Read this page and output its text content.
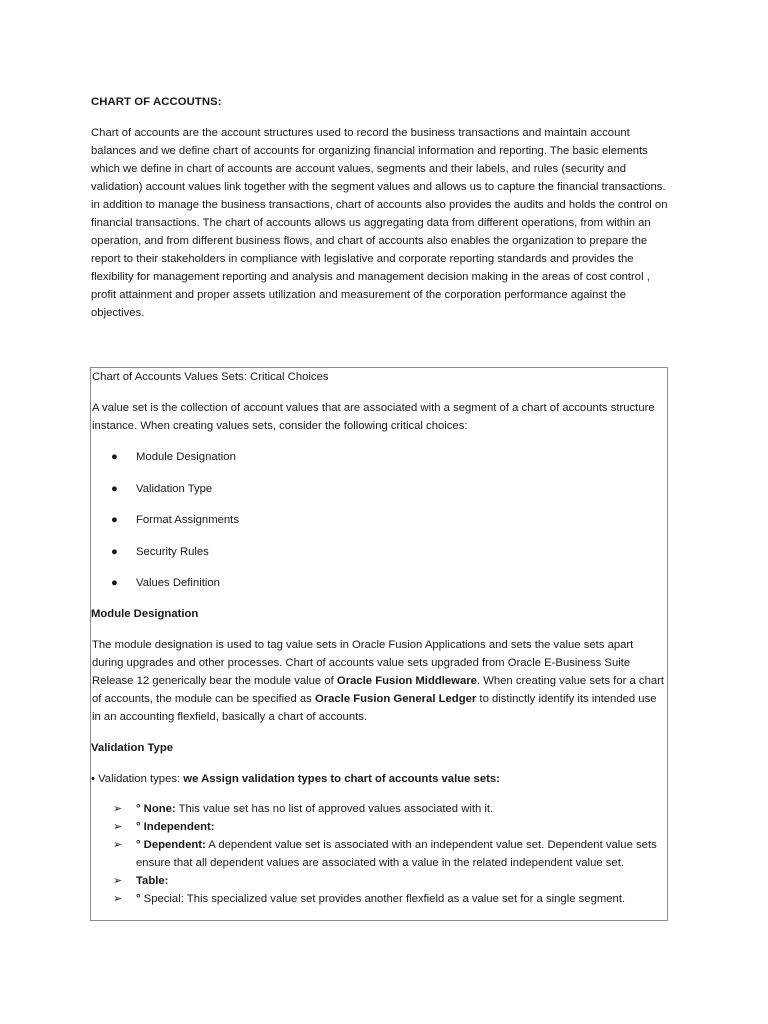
CHART OF ACCOUTNS:

Chart of accounts are the account structures used to record the business transactions and maintain account balances and we define chart of accounts for organizing financial information and reporting. The basic elements which we define in chart of accounts are account values, segments and their labels, and rules (security and validation) account values link together with the segment values and allows us to capture the financial transactions. in addition to manage the business transactions, chart of accounts also provides the audits and holds the control on financial transactions. The chart of accounts allows us aggregating data from different operations, from within an operation, and from different business flows, and chart of accounts also enables the organization to prepare the report to their stakeholders in compliance with legislative and corporate reporting standards and provides the flexibility for management reporting and analysis and management decision making in the areas of cost control , profit attainment and proper assets utilization and measurement of the corporation performance against the objectives.

Chart of Accounts Values Sets: Critical Choices

A value set is the collection of account values that are associated with a segment of a chart of accounts structure instance. When creating values sets, consider the following critical choices:

● Module Designation
● Validation Type
● Format Assignments
● Security Rules
● Values Definition
Module Designation

The module designation is used to tag value sets in Oracle Fusion Applications and sets the value sets apart during upgrades and other processes. Chart of accounts value sets upgraded from Oracle E-Business Suite Release 12 generically bear the module value of Oracle Fusion Middleware. When creating value sets for a chart of accounts, the module can be specified as Oracle Fusion General Ledger to distinctly identify its intended use in an accounting flexfield, basically a chart of accounts.

Validation Type
• Validation types: we Assign validation types to chart of accounts value sets:
➢ ° None: This value set has no list of approved values associated with it.
➢ ° Independent:
➢ ° Dependent: A dependent value set is associated with an independent value set. Dependent value sets ensure that all dependent values are associated with a value in the related independent value set.
➢ Table:
➢ ° Special: This specialized value set provides another flexfield as a value set for a single segment.
